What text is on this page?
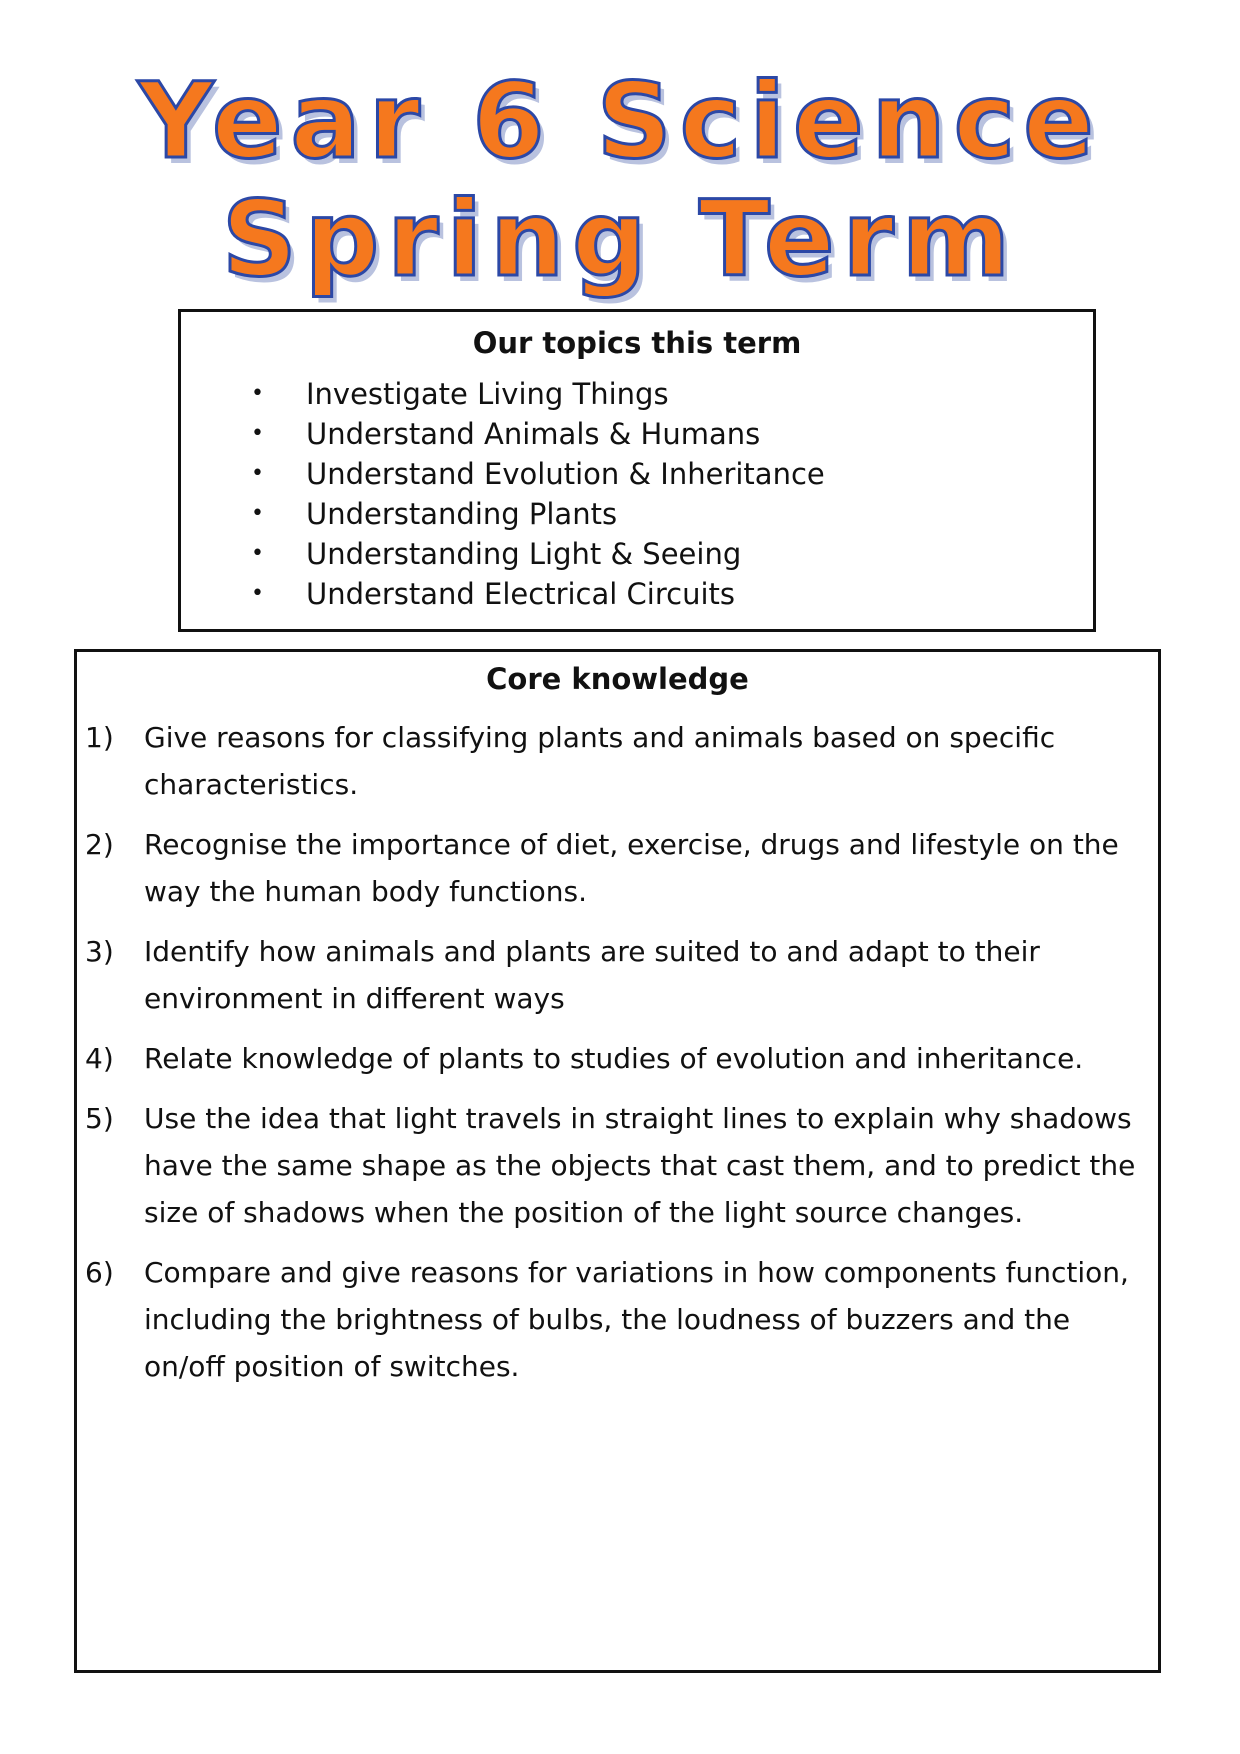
Year 6 Science
Spring Term
Our topics this term
• Investigate Living Things
• Understand Animals & Humans
• Understand Evolution & Inheritance
• Understanding Plants
• Understanding Light & Seeing
• Understand Electrical Circuits
Core knowledge
1) Give reasons for classifying plants and animals based on specific characteristics.
2) Recognise the importance of diet, exercise, drugs and lifestyle on the way the human body functions.
3) Identify how animals and plants are suited to and adapt to their environment in different ways
4) Relate knowledge of plants to studies of evolution and inheritance.
5) Use the idea that light travels in straight lines to explain why shadows have the same shape as the objects that cast them, and to predict the size of shadows when the position of the light source changes.
6) Compare and give reasons for variations in how components function, including the brightness of bulbs, the loudness of buzzers and the on/off position of switches.
